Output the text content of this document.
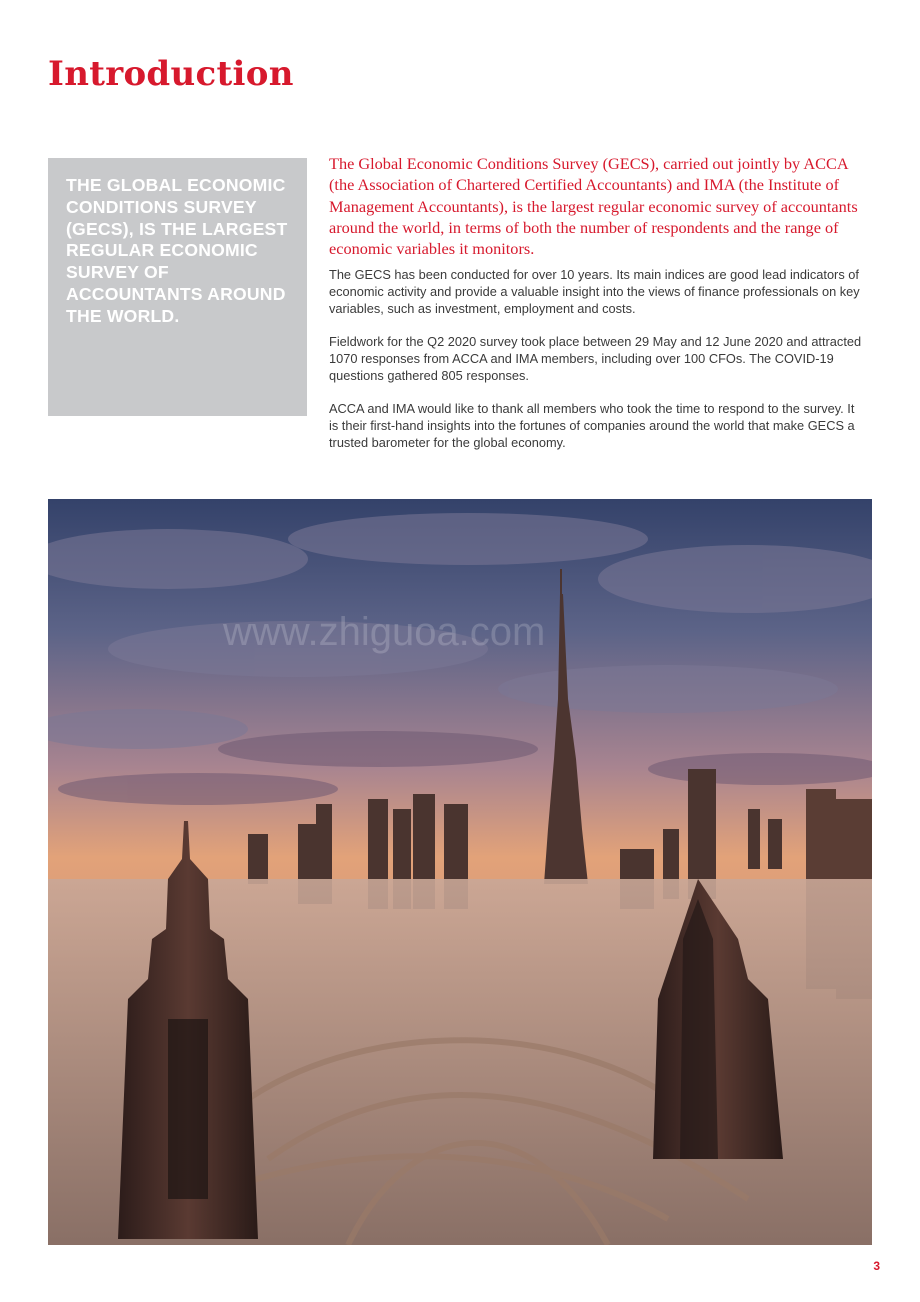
Introduction

THE GLOBAL ECONOMIC CONDITIONS SURVEY (GECS), IS THE LARGEST REGULAR ECONOMIC SURVEY OF ACCOUNTANTS AROUND THE WORLD.

The Global Economic Conditions Survey (GECS), carried out jointly by ACCA (the Association of Chartered Certified Accountants) and IMA (the Institute of Management Accountants), is the largest regular economic survey of accountants around the world, in terms of both the number of respondents and the range of economic variables it monitors.

The GECS has been conducted for over 10 years. Its main indices are good lead indicators of economic activity and provide a valuable insight into the views of finance professionals on key variables, such as investment, employment and costs.

Fieldwork for the Q2 2020 survey took place between 29 May and 12 June 2020 and attracted 1070 responses from ACCA and IMA members, including over 100 CFOs. The COVID-19 questions gathered 805 responses.

ACCA and IMA would like to thank all members who took the time to respond to the survey. It is their first-hand insights into the fortunes of companies around the world that make GECS a trusted barometer for the global economy.

www.zhiguoa.com
3
